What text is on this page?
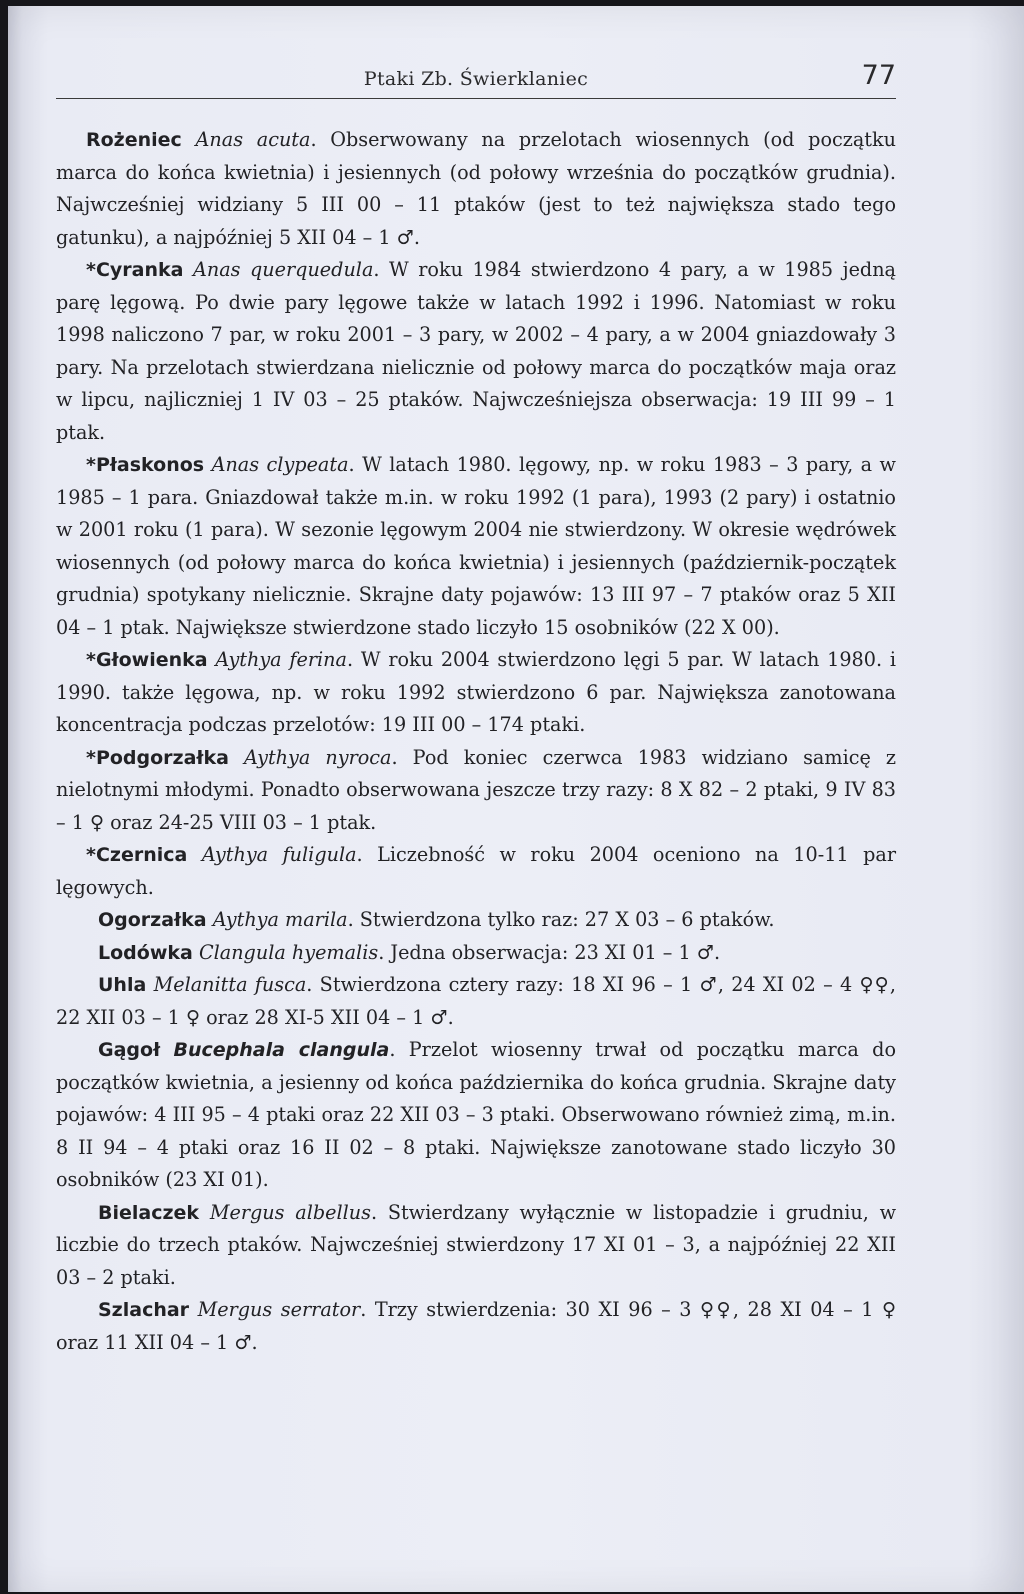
Ptaki Zb. Świerklaniec	77

Rożeniec Anas acuta. Obserwowany na przelotach wiosennych (od początku marca do końca kwietnia) i jesiennych (od połowy września do początków grudnia). Najwcześniej widziany 5 III 00 – 11 ptaków (jest to też największa stado tego gatunku), a najpóźniej 5 XII 04 – 1 ♂.

*Cyranka Anas querquedula. W roku 1984 stwierdzono 4 pary, a w 1985 jedną parę lęgową. Po dwie pary lęgowe także w latach 1992 i 1996. Natomiast w roku 1998 naliczono 7 par, w roku 2001 – 3 pary, w 2002 – 4 pary, a w 2004 gniazdowały 3 pary. Na przelotach stwierdzana nielicznie od połowy marca do początków maja oraz w lipcu, najliczniej 1 IV 03 – 25 ptaków. Najwcześniejsza obserwacja: 19 III 99 – 1 ptak.

*Płaskonos Anas clypeata. W latach 1980. lęgowy, np. w roku 1983 – 3 pary, a w 1985 – 1 para. Gniazdował także m.in. w roku 1992 (1 para), 1993 (2 pary) i ostatnio w 2001 roku (1 para). W sezonie lęgowym 2004 nie stwierdzony. W okresie wędrówek wiosennych (od połowy marca do końca kwietnia) i jesiennych (październik-początek grudnia) spotykany nielicznie. Skrajne daty pojawów: 13 III 97 – 7 ptaków oraz 5 XII 04 – 1 ptak. Największe stwierdzone stado liczyło 15 osobników (22 X 00).

*Głowienka Aythya ferina. W roku 2004 stwierdzono lęgi 5 par. W latach 1980. i 1990. także lęgowa, np. w roku 1992 stwierdzono 6 par. Największa zanotowana koncentracja podczas przelotów: 19 III 00 – 174 ptaki.

*Podgorzałka Aythya nyroca. Pod koniec czerwca 1983 widziano samicę z nielotnymi młodymi. Ponadto obserwowana jeszcze trzy razy: 8 X 82 – 2 ptaki, 9 IV 83 – 1 ♀ oraz 24-25 VIII 03 – 1 ptak.

*Czernica Aythya fuligula. Liczebność w roku 2004 oceniono na 10-11 par lęgowych.

Ogorzałka Aythya marila. Stwierdzona tylko raz: 27 X 03 – 6 ptaków.

Lodówka Clangula hyemalis. Jedna obserwacja: 23 XI 01 – 1 ♂.

Uhla Melanitta fusca. Stwierdzona cztery razy: 18 XI 96 – 1 ♂, 24 XI 02 – 4 ♀♀, 22 XII 03 – 1 ♀ oraz 28 XI-5 XII 04 – 1 ♂.

Gągoł Bucephala clangula. Przelot wiosenny trwał od początku marca do początków kwietnia, a jesienny od końca października do końca grudnia. Skrajne daty pojawów: 4 III 95 – 4 ptaki oraz 22 XII 03 – 3 ptaki. Obserwowano również zimą, m.in. 8 II 94 – 4 ptaki oraz 16 II 02 – 8 ptaki. Największe zanotowane stado liczyło 30 osobników (23 XI 01).

Bielaczek Mergus albellus. Stwierdzany wyłącznie w listopadzie i grudniu, w liczbie do trzech ptaków. Najwcześniej stwierdzony 17 XI 01 – 3, a najpóźniej 22 XII 03 – 2 ptaki.

Szlachar Mergus serrator. Trzy stwierdzenia: 30 XI 96 – 3 ♀♀, 28 XI 04 – 1 ♀ oraz 11 XII 04 – 1 ♂.
